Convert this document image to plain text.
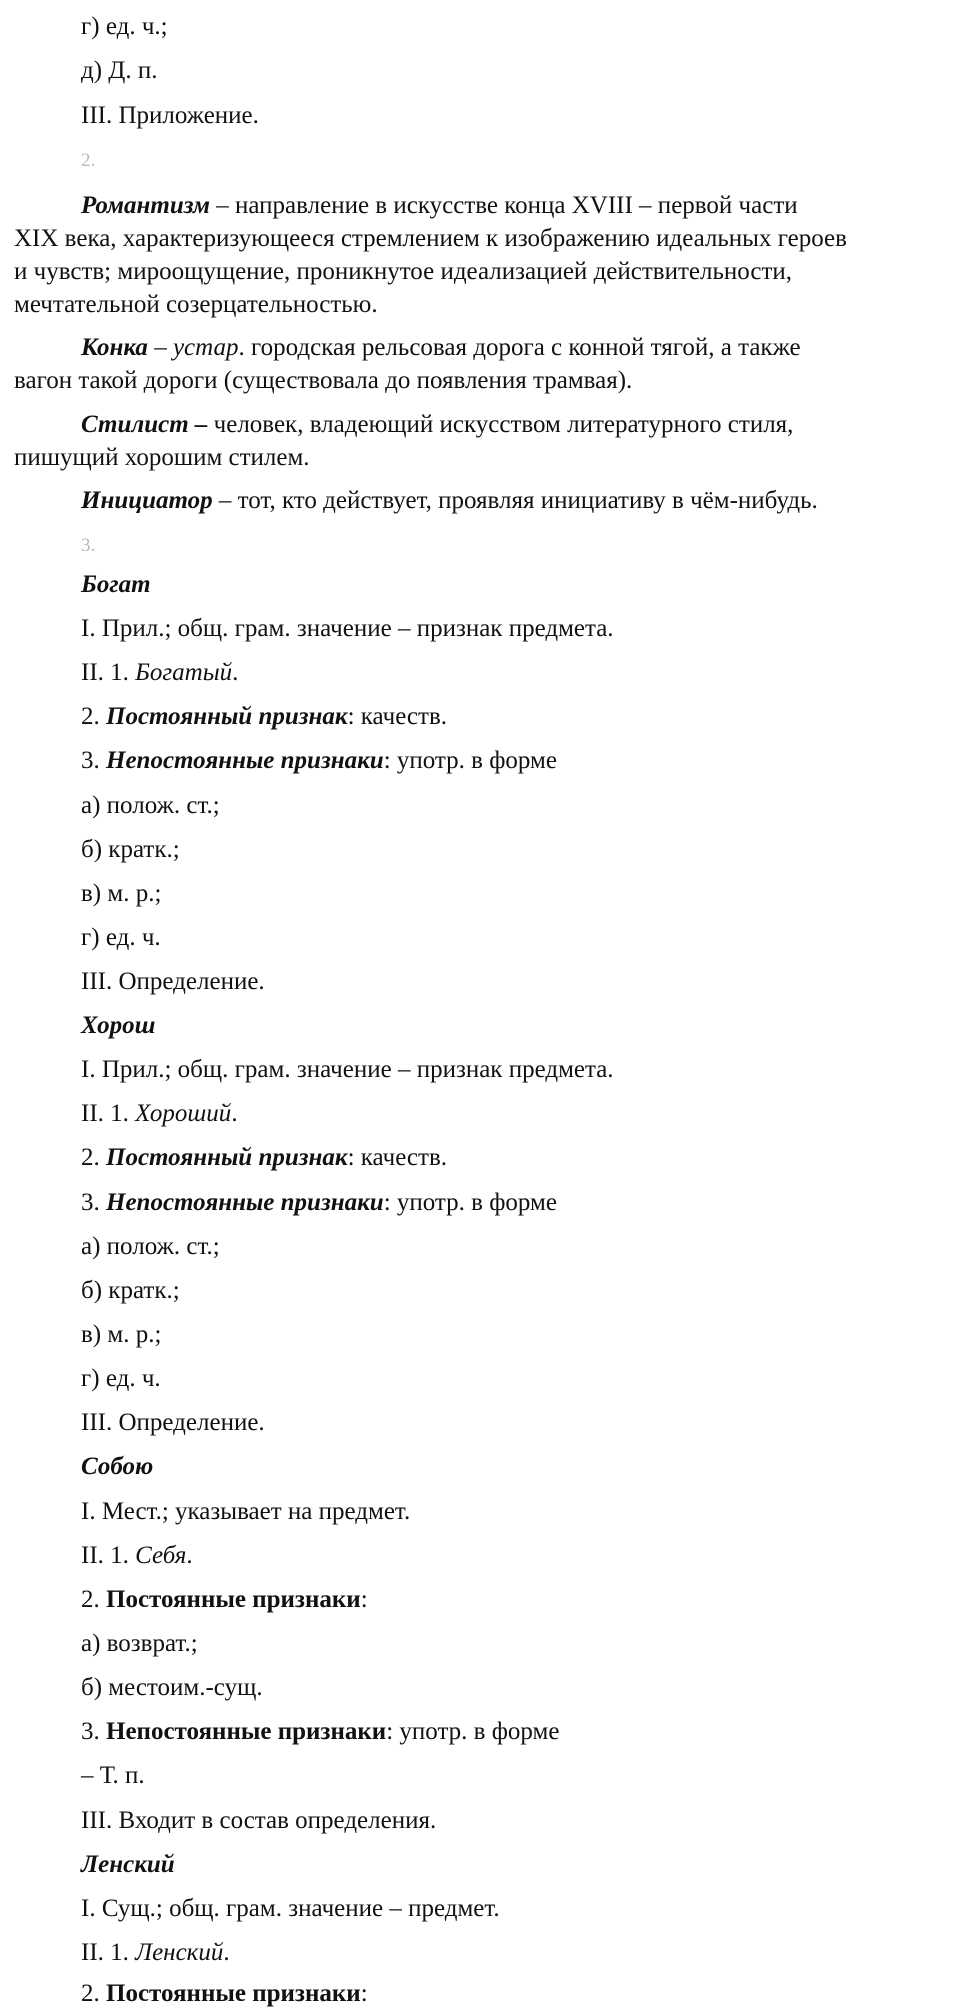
г) ед. ч.;
д) Д. п.
III. Приложение.
2.
Романтизм – направление в искусстве конца XVIII – первой части
XIX века, характеризующееся стремлением к изображению идеальных героев
и чувств; мироощущение, проникнутое идеализацией действительности,
мечтательной созерцательностью.
Конка – устар. городская рельсовая дорога с конной тягой, а также
вагон такой дороги (существовала до появления трамвая).
Стилист – человек, владеющий искусством литературного стиля,
пишущий хорошим стилем.
Инициатор – тот, кто действует, проявляя инициативу в чём-нибудь.
3.
Богат
I. Прил.; общ. грам. значение – признак предмета.
II. 1. Богатый.
2. Постоянный признак: качеств.
3. Непостоянные признаки: употр. в форме
а) полож. ст.;
б) кратк.;
в) м. р.;
г) ед. ч.
III. Определение.
Хорош
I. Прил.; общ. грам. значение – признак предмета.
II. 1. Хороший.
2. Постоянный признак: качеств.
3. Непостоянные признаки: употр. в форме
а) полож. ст.;
б) кратк.;
в) м. р.;
г) ед. ч.
III. Определение.
Собою
I. Мест.; указывает на предмет.
II. 1. Себя.
2. Постоянные признаки:
а) возврат.;
б) местоим.-сущ.
3. Непостоянные признаки: употр. в форме
– Т. п.
III. Входит в состав определения.
Ленский
I. Сущ.; общ. грам. значение – предмет.
II. 1. Ленский.
2. Постоянные признаки:
